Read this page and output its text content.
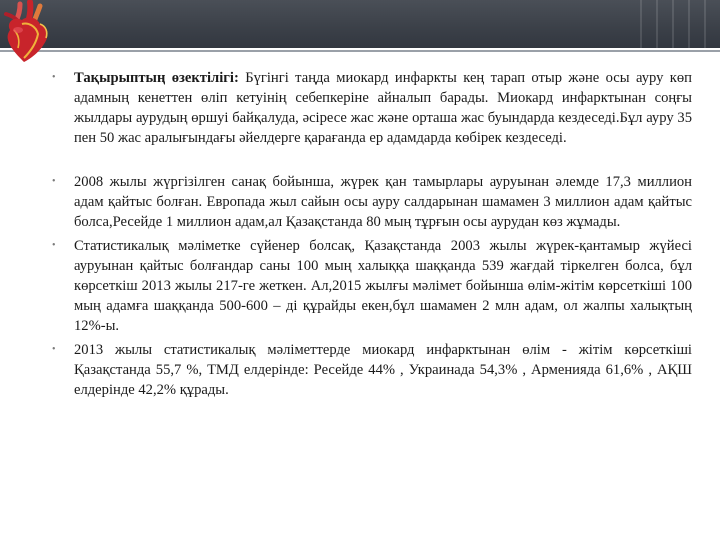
•	Тақырыптың өзектілігі: Бүгінгі таңда миокард инфаркты кең тарап отыр және осы ауру көп адамның кенеттен өліп кетуінің себепкеріне айналып барады. Миокард инфарктынан соңғы жылдары аурудың өршуі байқалуда, әсіресе жас және орташа жас буындарда кездеседі.Бұл ауру 35 пен 50 жас аралығындағы әйелдерге қарағанда ер адамдарда көбірек кездеседі.
•	2008 жылы жүргізілген санақ бойынша, жүрек қан тамырлары ауруынан әлемде 17,3 миллион адам қайтыс болған. Европада жыл сайын осы ауру салдарынан шамамен 3 миллион адам қайтыс болса,Ресейде 1 миллион адам,ал Қазақстанда 80 мың тұрғын осы аурудан көз жұмады.
•	Статистикалық мәліметке сүйенер болсақ, Қазақстанда 2003 жылы жүрек-қантамыр жүйесі ауруынан қайтыс болғандар саны 100 мың халыққа шаққанда 539 жағдай тіркелген болса, бұл көрсеткіш 2013 жылы 217-ге жеткен. Ал,2015 жылғы мәлімет бойынша өлім-жітім көрсеткіші 100 мың адамға шаққанда 500-600 – ді құрайды екен,бұл шамамен 2 млн адам, ол жалпы халықтың 12%-ы.
•	2013 жылы статистикалық мәліметтерде миокард инфарктынан өлім - жітім көрсеткіші Қазақстанда 55,7 %, ТМД елдерінде: Ресейде 44% , Украинада 54,3% , Арменияда 61,6% , АҚШ елдерінде 42,2% құрады.
